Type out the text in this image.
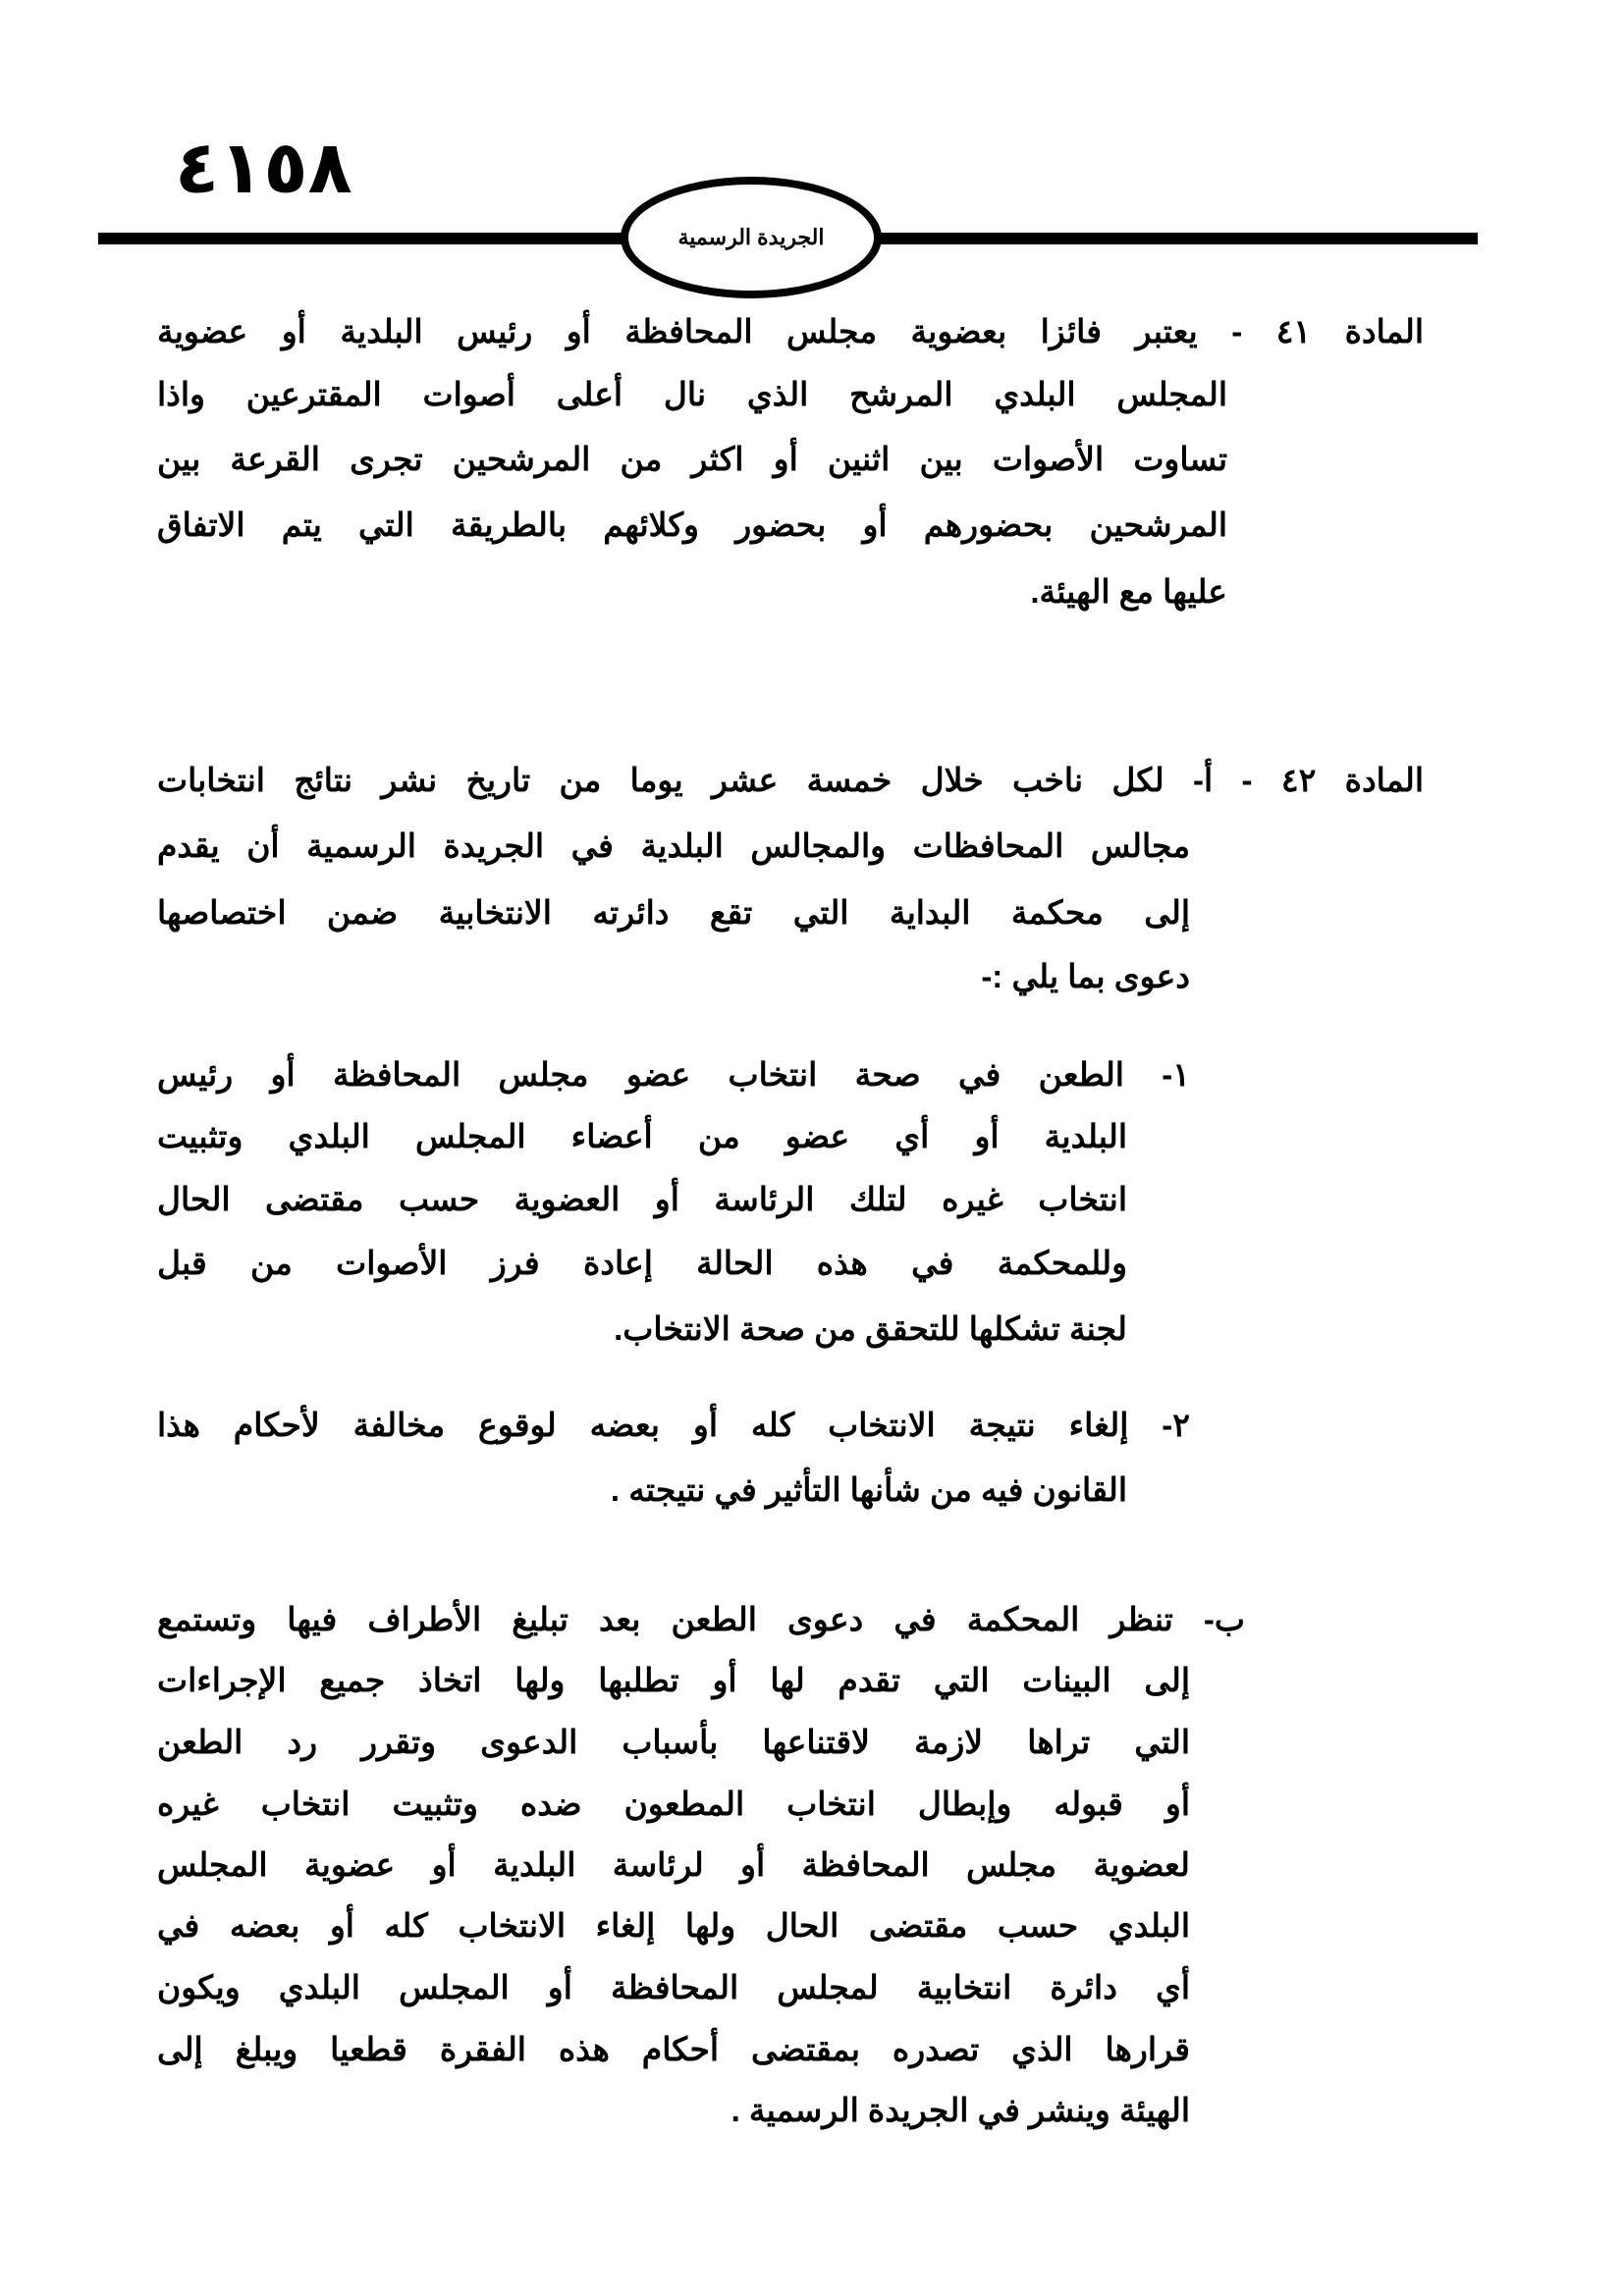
٤١٥٨
الجريدة الرسمية
المادة ٤١ - يعتبر فائزا بعضوية مجلس المحافظة أو رئيس البلدية أو عضوية
المجلس البلدي المرشح الذي نال أعلى أصوات المقترعين واذا
تساوت الأصوات بين اثنين أو اكثر من المرشحين تجرى القرعة بين
المرشحين بحضورهم أو بحضور وكلائهم بالطريقة التي يتم الاتفاق
عليها مع الهيئة.
المادة ٤٢ - أ- لكل ناخب خلال خمسة عشر يوما من تاريخ نشر نتائج انتخابات
مجالس المحافظات والمجالس البلدية في الجريدة الرسمية أن يقدم
إلى محكمة البداية التي تقع دائرته الانتخابية ضمن اختصاصها
دعوى بما يلي :-
١- الطعن في صحة انتخاب عضو مجلس المحافظة أو رئيس
البلدية أو أي عضو من أعضاء المجلس البلدي وتثبيت
انتخاب غيره لتلك الرئاسة أو العضوية حسب مقتضى الحال
وللمحكمة في هذه الحالة إعادة فرز الأصوات من قبل
لجنة تشكلها للتحقق من صحة الانتخاب.
٢- إلغاء نتيجة الانتخاب كله أو بعضه لوقوع مخالفة لأحكام هذا
القانون فيه من شأنها التأثير في نتيجته .
ب- تنظر المحكمة في دعوى الطعن بعد تبليغ الأطراف فيها وتستمع
إلى البينات التي تقدم لها أو تطلبها ولها اتخاذ جميع الإجراءات
التي تراها لازمة لاقتناعها بأسباب الدعوى وتقرر رد الطعن
أو قبوله وإبطال انتخاب المطعون ضده وتثبيت انتخاب غيره
لعضوية مجلس المحافظة أو لرئاسة البلدية أو عضوية المجلس
البلدي حسب مقتضى الحال ولها إلغاء الانتخاب كله أو بعضه في
أي دائرة انتخابية لمجلس المحافظة أو المجلس البلدي ويكون
قرارها الذي تصدره بمقتضى أحكام هذه الفقرة قطعيا ويبلغ إلى
الهيئة وينشر في الجريدة الرسمية .
